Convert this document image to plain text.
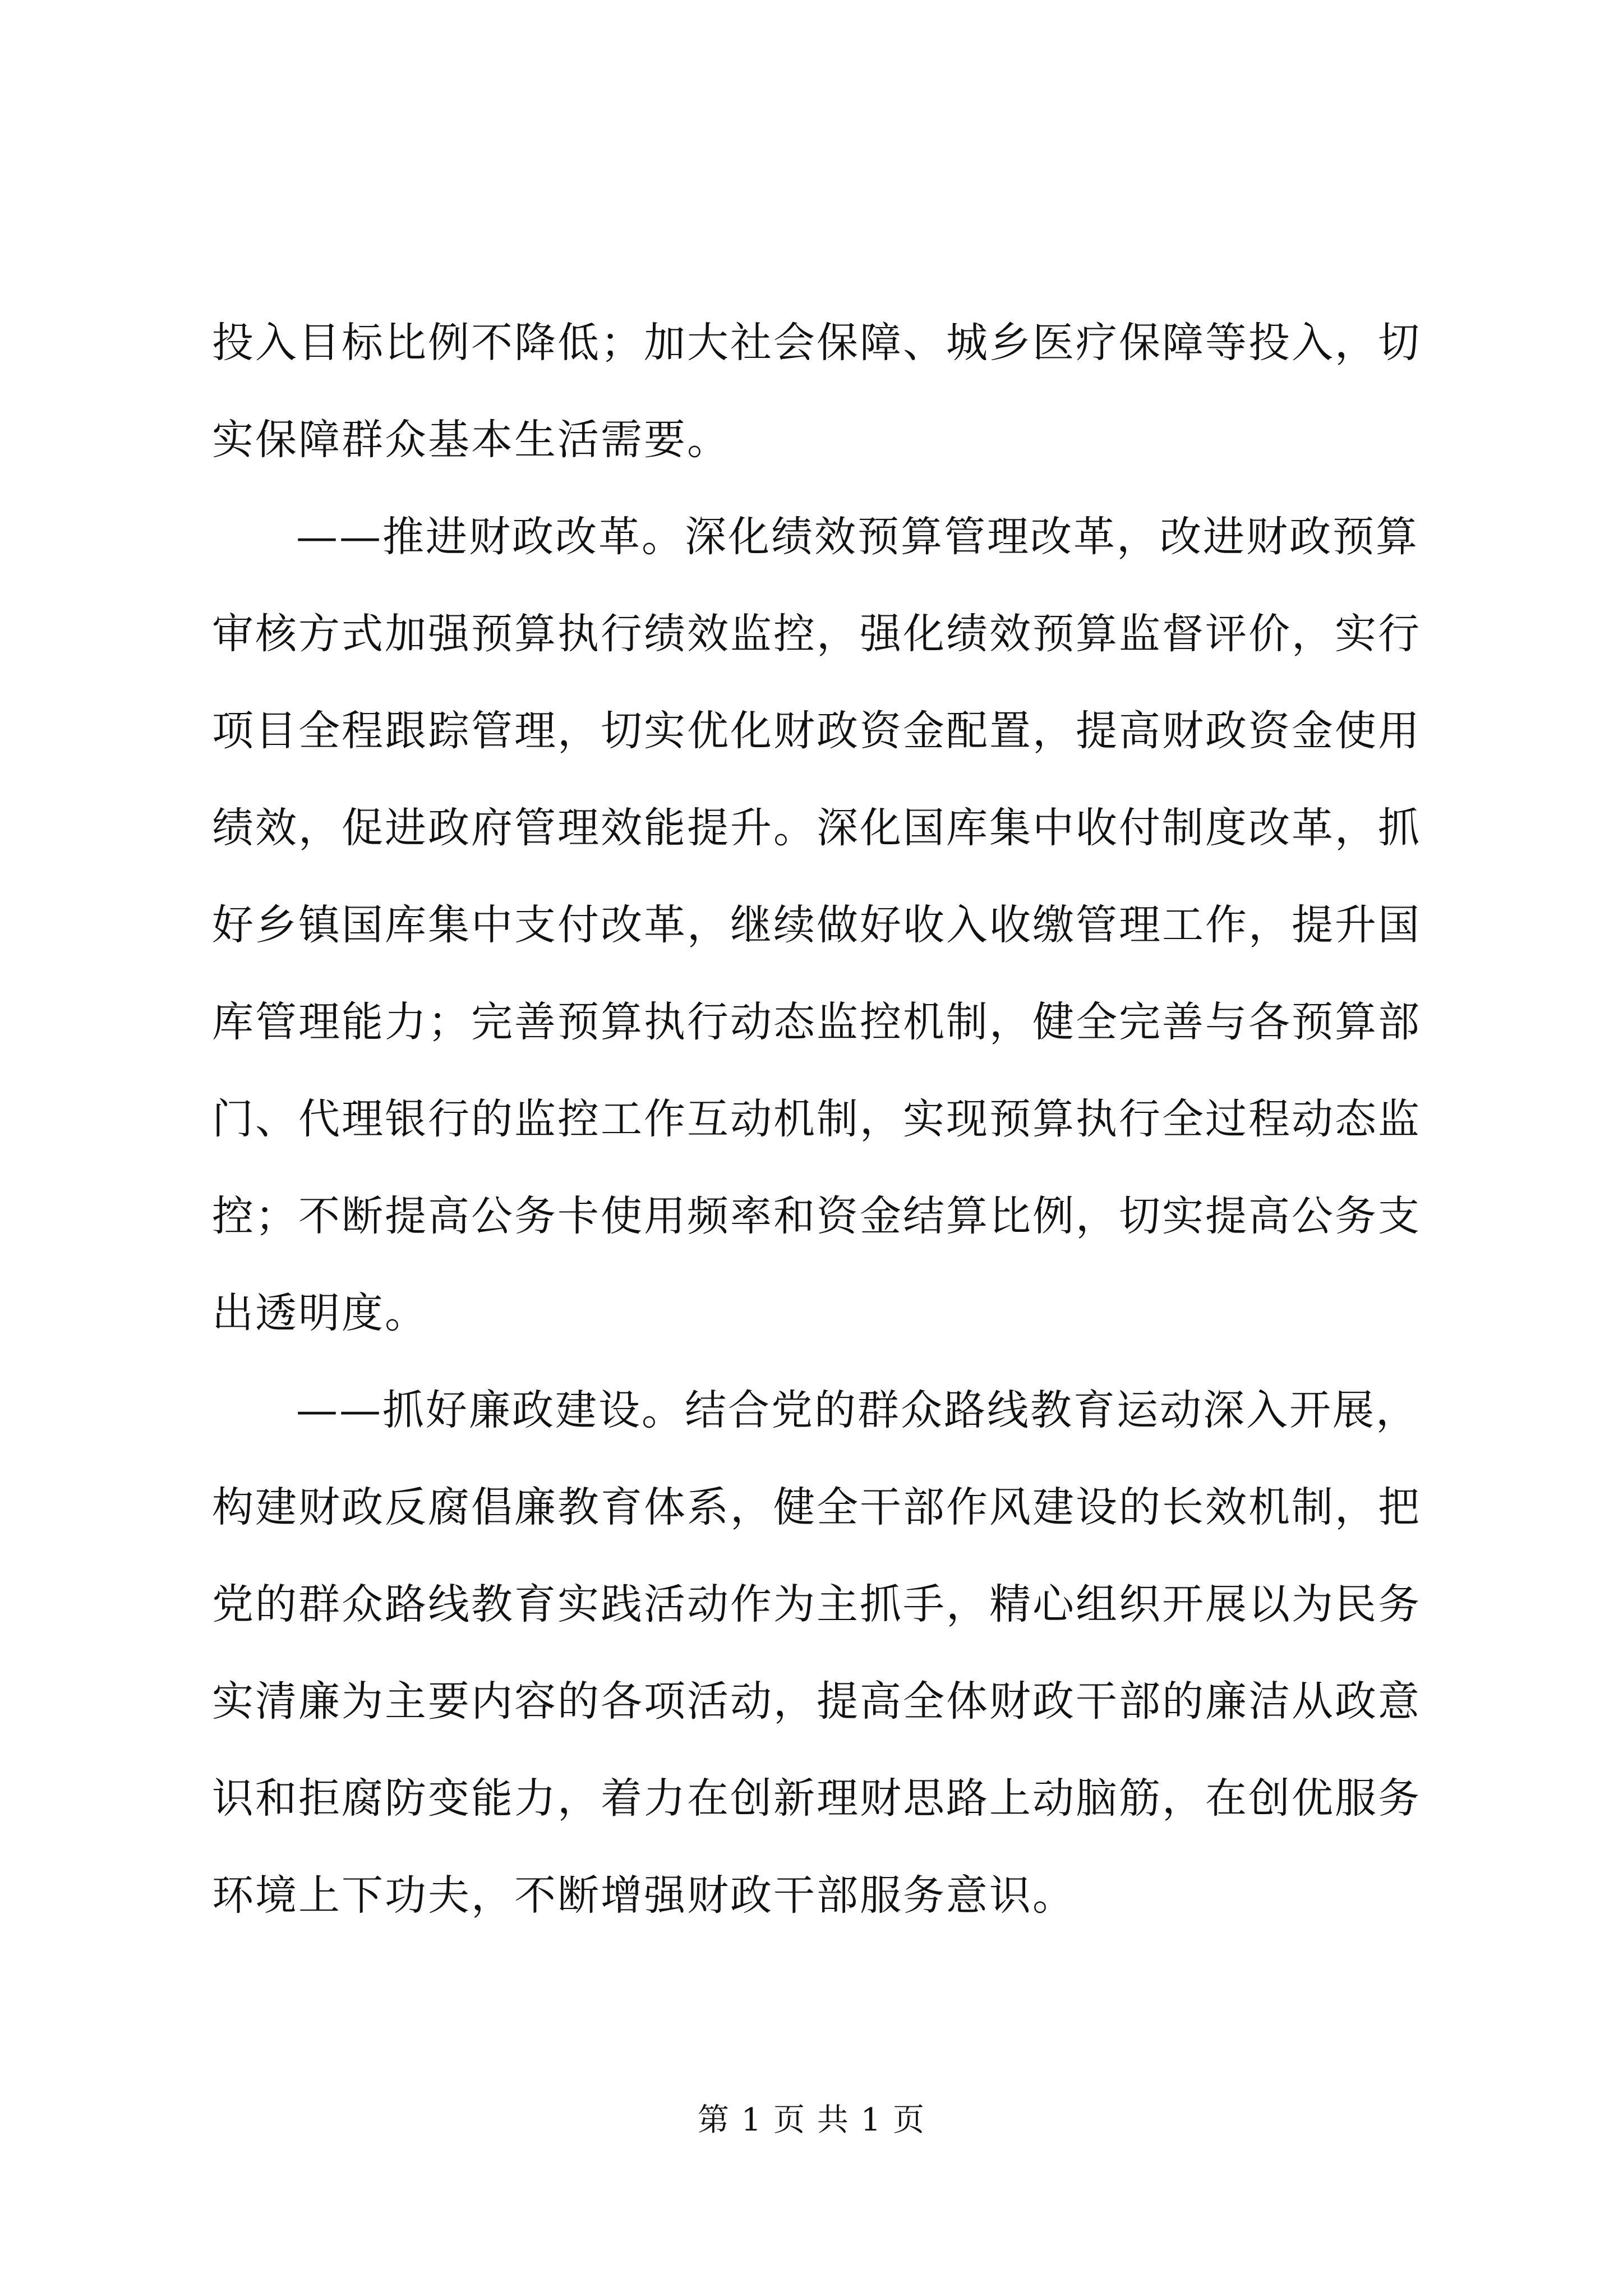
投入目标比例不降低；加大社会保障、城乡医疗保障等投入，切
实保障群众基本生活需要。
——推进财政改革。深化绩效预算管理改革，改进财政预算
审核方式加强预算执行绩效监控，强化绩效预算监督评价，实行
项目全程跟踪管理，切实优化财政资金配置，提高财政资金使用
绩效，促进政府管理效能提升。深化国库集中收付制度改革，抓
好乡镇国库集中支付改革，继续做好收入收缴管理工作，提升国
库管理能力；完善预算执行动态监控机制，健全完善与各预算部
门、代理银行的监控工作互动机制，实现预算执行全过程动态监
控；不断提高公务卡使用频率和资金结算比例，切实提高公务支
出透明度。
——抓好廉政建设。结合党的群众路线教育运动深入开展，
构建财政反腐倡廉教育体系，健全干部作风建设的长效机制，把
党的群众路线教育实践活动作为主抓手，精心组织开展以为民务
实清廉为主要内容的各项活动，提高全体财政干部的廉洁从政意
识和拒腐防变能力，着力在创新理财思路上动脑筋，在创优服务
环境上下功夫，不断增强财政干部服务意识。
第 1 页 共 1 页
